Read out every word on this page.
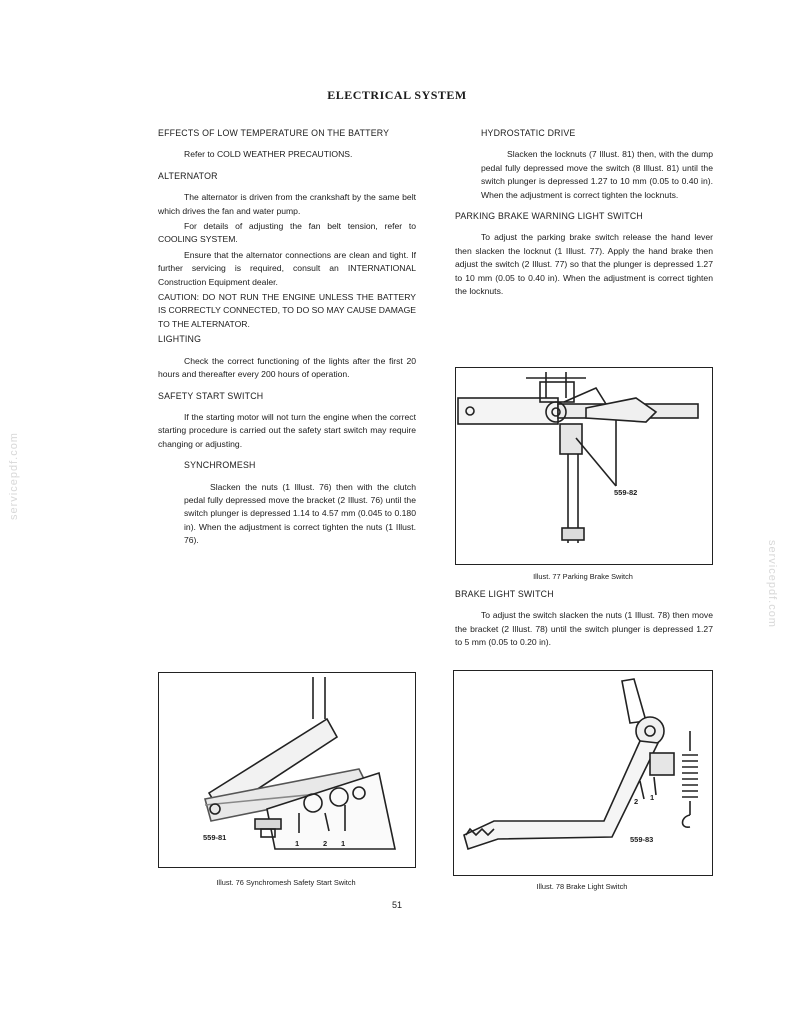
servicepdf.com
servicepdf.com
ELECTRICAL SYSTEM
EFFECTS OF LOW TEMPERATURE ON THE BATTERY
Refer to COLD WEATHER PRECAUTIONS.
ALTERNATOR
The alternator is driven from the crankshaft by the same belt which drives the fan and water pump.
For details of adjusting the fan belt tension, refer to COOLING SYSTEM.
Ensure that the alternator connections are clean and tight. If further servicing is required, consult an INTERNATIONAL Construction Equipment dealer.
CAUTION: DO NOT RUN THE ENGINE UNLESS THE BATTERY IS CORRECTLY CONNECTED, TO DO SO MAY CAUSE DAMAGE TO THE ALTERNATOR.
LIGHTING
Check the correct functioning of the lights after the first 20 hours and thereafter every 200 hours of operation.
SAFETY START SWITCH
If the starting motor will not turn the engine when the correct starting procedure is carried out the safety start switch may require changing or adjusting.
SYNCHROMESH
Slacken the nuts (1 Illust. 76) then with the clutch pedal fully depressed move the bracket (2 Illust. 76) until the switch plunger is depressed 1.14 to 4.57 mm (0.045 to 0.180 in). When the adjustment is correct tighten the nuts (1 Illust. 76).
HYDROSTATIC DRIVE
Slacken the locknuts (7 Illust. 81) then, with the dump pedal fully depressed move the switch (8 Illust. 81) until the switch plunger is depressed 1.27 to 10 mm (0.05 to 0.40 in). When the adjustment is correct tighten the locknuts.
PARKING BRAKE WARNING LIGHT SWITCH
To adjust the parking brake switch release the hand lever then slacken the locknut (1 Illust. 77). Apply the hand brake then adjust the switch (2 Illust. 77) so that the plunger is depressed 1.27 to 10 mm (0.05 to 0.40 in). When the adjustment is correct tighten the locknuts.
BRAKE LIGHT SWITCH
To adjust the switch slacken the nuts (1 Illust. 78) then move the bracket (2 Illust. 78) until the switch plunger is depressed 1.27 to 5 mm (0.05 to 0.20 in).
559-82
Illust. 77 Parking Brake Switch
559-81
1	2 1
Illust. 76 Synchromesh Safety Start Switch
2 1
559-83
Illust. 78 Brake Light Switch
51
